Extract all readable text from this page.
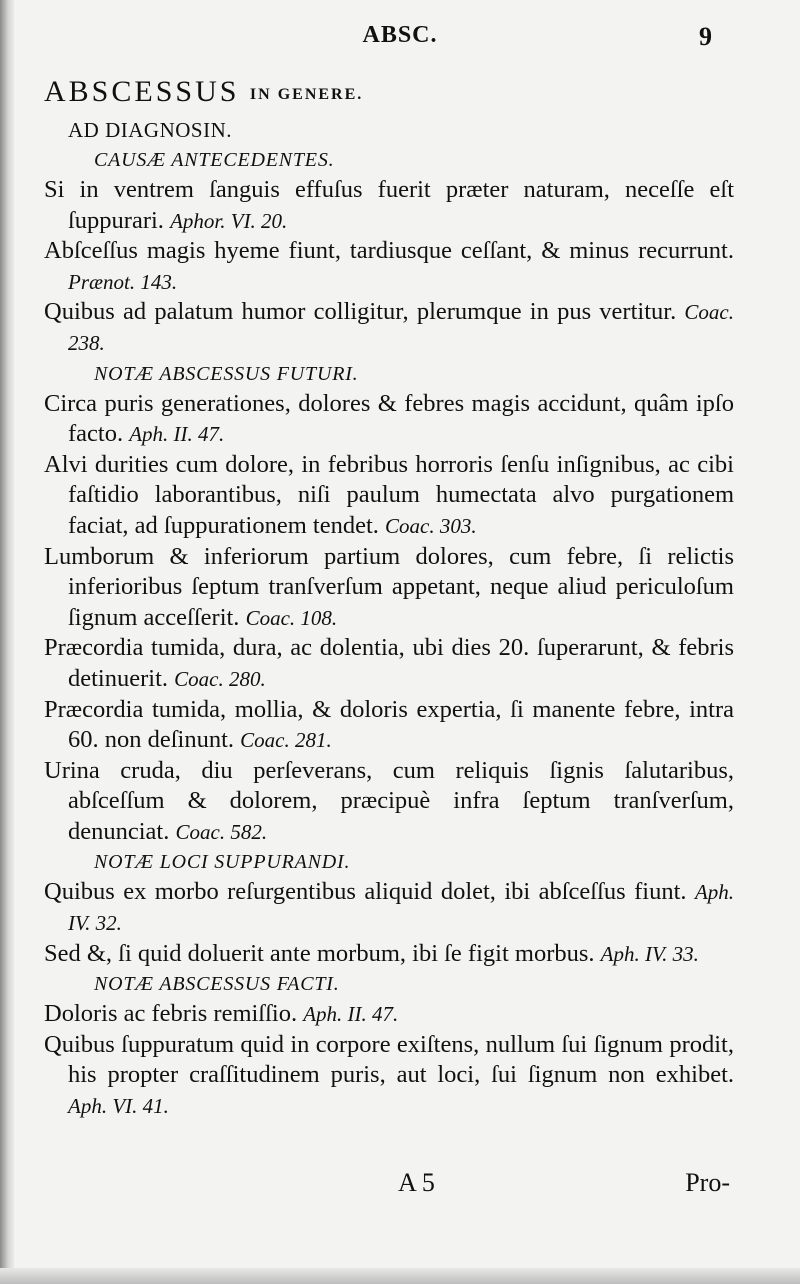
ABSC.	9
ABSCESSUS IN GENERE.
AD DIAGNOSIN.
CAUSÆ ANTECEDENTES.

Si in ventrem ſanguis effuſus fuerit præter naturam, neceſſe eſt ſuppurari. Aphor. VI. 20.

Abſceſſus magis hyeme fiunt, tardiusque ceſſant, & minus recurrunt. Prænot. 143.

Quibus ad palatum humor colligitur, plerumque in pus vertitur. Coac. 238.

NOTÆ ABSCESSUS FUTURI.

Circa puris generationes, dolores & febres magis accidunt, quâm ipſo facto. Aph. II. 47.

Alvi durities cum dolore, in febribus horroris ſenſu inſignibus, ac cibi faſtidio laborantibus, niſi paulum humectata alvo purgationem faciat, ad ſuppurationem tendet. Coac. 303.

Lumborum & inferiorum partium dolores, cum febre, ſi relictis inferioribus ſeptum tranſverſum appetant, neque aliud periculoſum ſignum acceſſerit. Coac. 108.

Præcordia tumida, dura, ac dolentia, ubi dies 20. ſuperarunt, & febris detinuerit. Coac. 280.

Præcordia tumida, mollia, & doloris expertia, ſi manente febre, intra 60. non deſinunt. Coac. 281.

Urina cruda, diu perſeverans, cum reliquis ſignis ſalutaribus, abſceſſum & dolorem, præcipuè infra ſeptum tranſverſum, denunciat. Coac. 582.

NOTÆ LOCI SUPPURANDI.

Quibus ex morbo reſurgentibus aliquid dolet, ibi abſceſſus fiunt. Aph. IV. 32.

Sed &, ſi quid doluerit ante morbum, ibi ſe figit morbus. Aph. IV. 33.

NOTÆ ABSCESSUS FACTI.

Doloris ac febris remiſſio. Aph. II. 47.

Quibus ſuppuratum quid in corpore exiſtens, nullum ſui ſignum prodit, his propter craſſitudinem puris, aut loci, ſui ſignum non exhibet. Aph. VI. 41.

A 5	Pro-
